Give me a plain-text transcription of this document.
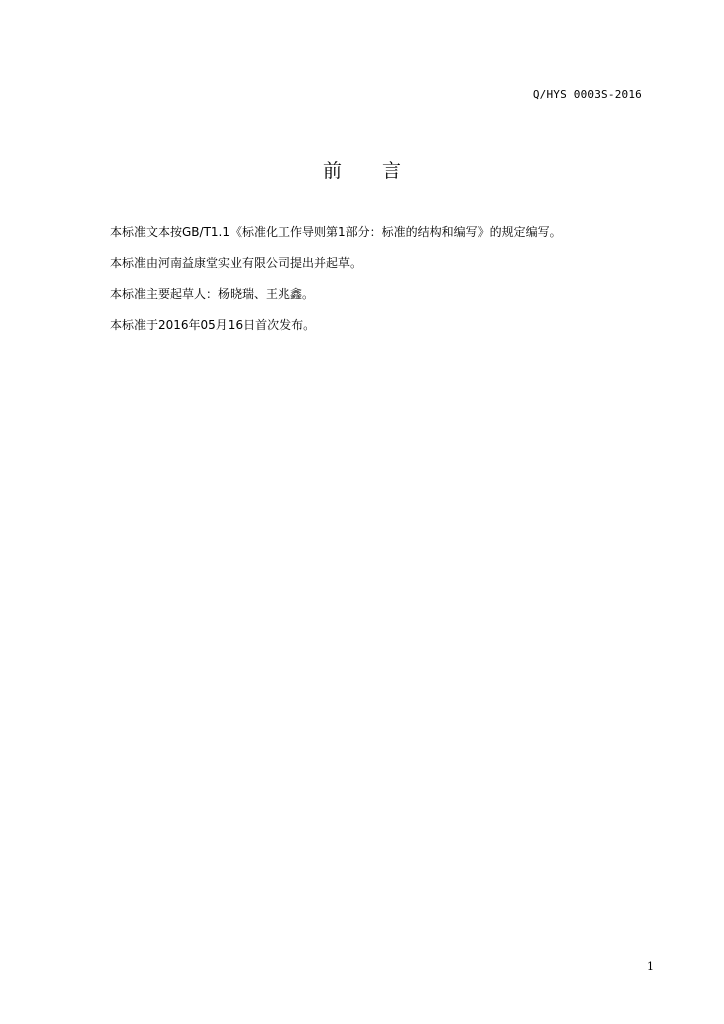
Q/HYS 0003S-2016
前 言

本标准文本按GB/T1.1《标准化工作导则第1部分：标准的结构和编写》的规定编写。

本标准由河南益康堂实业有限公司提出并起草。

本标准主要起草人：杨晓瑞、王兆鑫。

本标准于2016年05月16日首次发布。

1
